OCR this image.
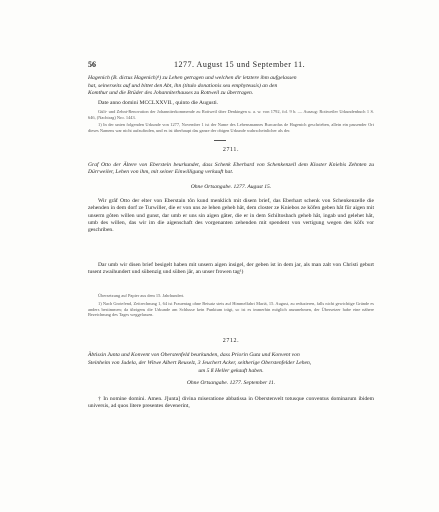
56	1277. August 15 und September 11.

Hagenich (B. dictus Hagenich)¹) zu Lehen getragen und welchen dir letztere ihm aufgelassen

hat, seinerseits auf und bittet den Abt, ihn (titulo donationis seu emphyteusis) an den

Komthur und die Brüder des Johanniterhauses zu Rottweil zu übertragen.

Date anno domini MCCLXXVII., quinto die Augusti.

Gült- und Zehnt-Renovation der Johanniterkommende zu Rottweil über Denkingen u. a. w. von 1792, fol. 9 b. — Auszug: Rottweiler Urkundenbuch 1 S. 646, (Nachtrag) Nro. 1443.

1) In der unten folgenden Urkunde von 1277, November 1 ist der Name des Lehensmannes Burcardus de Hagenich geschrieben, allein ein passender Ort dieses Namens war nicht aufzufinden, und es ist überhaupt das ganze der obigen Urkunde wahrscheinlicher als der.

2711.

Graf Otto der Ältere von Eberstein beurkundet, dass Schenk Eberhard von Schenkenzell dem Kloster Kniebis Zehnten zu Dürrweiler, Lehen von ihm, mit seiner Einwilligung verkauft hat.

Ohne Ortsangabe. 1277. August 15.

Wir grâf Otto der elter von Eberstain tôn kund menklich mit disem brief, das Eberhart schenk von Schenkenzelle die zehenden in dem dorf ze Turwiller, die er von uns ze lehen geheb hât, dem closter ze Kniebos ze köfen geben hât für aigen mit unserm gôten willen und gunst, dar umb er uns sin aigen gâter, die er in dem Schiltosbach geheb hât, ingab und gelehet hât, umb des willen, das wir im die aigenschaft des vorgenanten zehenden mit spendent von vertigung wegen des köfs vor geschriben.

Dar umb wir disen brief besigelt haben mit unsern aigen insigel, der geben ist in dem jar, als man zalt von Christi geburt tusent zwaihundert und sübenzig und süben jâr, an unser frowen tag¹)

Übersetzung auf Papier aus dem 15. Jahrhundert.

1) Nach Grotefend, Zeitrechnung 1, 64 ist Frauentag ohne Beisatz stets auf Himmelfahrt Mariä, 15. August, zu reduzieren, falls nicht gewichtige Gründe es anders bestimmen; da übrigens die Urkunde am Schlusse kein Punktum trägt, so ist es immerhin möglich anzunehmen, der Übersetzer habe eine nähere Bezeichnung des Tages weggelassen.

2712.

Äbtissin Junta und Konvent von Oberstenfeld beurkunden, dass Priorin Guta und Konvent von

Steinheim von Judela, der Witwe Albert Reuselz, 3 Jeuchert Acker, seitherige Oberstenfelder Lehen,

um 5 ß Heller gekauft haben.

Ohne Ortsangabe. 1277. September 11.

† In nomine domini. Amen. J[unta] divina miseratione abbatissa in Oberstenvelt totusque conventus dominarum ibidem universis, ad quos litere presentes devenerint,
